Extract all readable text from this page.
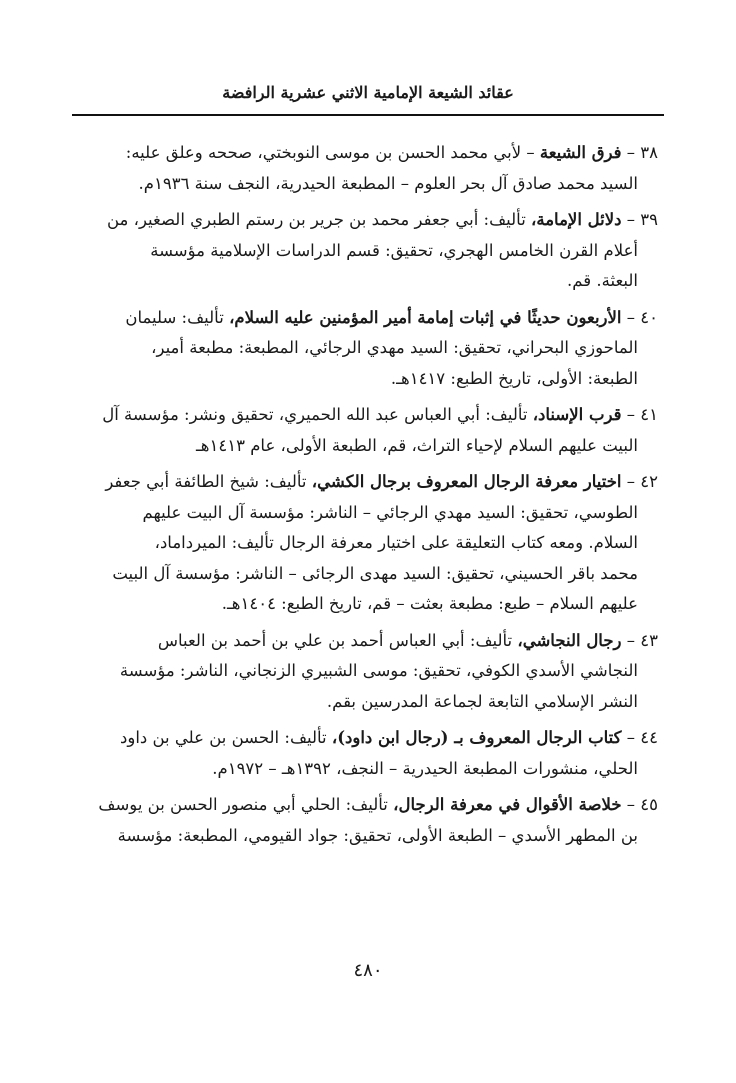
عقائد الشيعة الإمامية الاثني عشرية الرافضة
٣٨ – فرق الشيعة – لأبي محمد الحسن بن موسى النوبختي، صححه وعلق عليه:
السيد محمد صادق آل بحر العلوم – المطبعة الحيدرية، النجف سنة ١٩٣٦م.
٣٩ – دلائل الإمامة، تأليف: أبي جعفر محمد بن جرير بن رستم الطبري الصغير، من
أعلام القرن الخامس الهجري، تحقيق: قسم الدراسات الإسلامية مؤسسة
البعثة. قم.
٤٠ – الأربعون حديثًا في إثبات إمامة أمير المؤمنين عليه السلام، تأليف: سليمان
الماحوزي البحراني، تحقيق: السيد مهدي الرجائي، المطبعة: مطبعة أمير،
الطبعة: الأولى، تاريخ الطبع: ١٤١٧هـ.
٤١ – قرب الإسناد، تأليف: أبي العباس عبد الله الحميري، تحقيق ونشر: مؤسسة آل
البيت عليهم السلام لإحياء التراث، قم، الطبعة الأولى، عام ١٤١٣هـ
٤٢ – اختيار معرفة الرجال المعروف برجال الكشي، تأليف: شيخ الطائفة أبي جعفر
الطوسي، تحقيق: السيد مهدي الرجائي – الناشر: مؤسسة آل البيت عليهم
السلام. ومعه كتاب التعليقة على اختيار معرفة الرجال تأليف: الميرداماد،
محمد باقر الحسيني، تحقيق: السيد مهدى الرجائى – الناشر: مؤسسة آل البيت
عليهم السلام – طبع: مطبعة بعثت – قم، تاريخ الطبع: ١٤٠٤هـ.
٤٣ – رجال النجاشي، تأليف: أبي العباس أحمد بن علي بن أحمد بن العباس
النجاشي الأسدي الكوفي، تحقيق: موسى الشبيري الزنجاني، الناشر: مؤسسة
النشر الإسلامي التابعة لجماعة المدرسين بقم.
٤٤ – كتاب الرجال المعروف بـ (رجال ابن داود)، تأليف: الحسن بن علي بن داود
الحلي، منشورات المطبعة الحيدرية – النجف، ١٣٩٢هـ – ١٩٧٢م.
٤٥ – خلاصة الأقوال في معرفة الرجال، تأليف: الحلي أبي منصور الحسن بن يوسف
بن المطهر الأسدي – الطبعة الأولى، تحقيق: جواد القيومي، المطبعة: مؤسسة
٤٨٠
